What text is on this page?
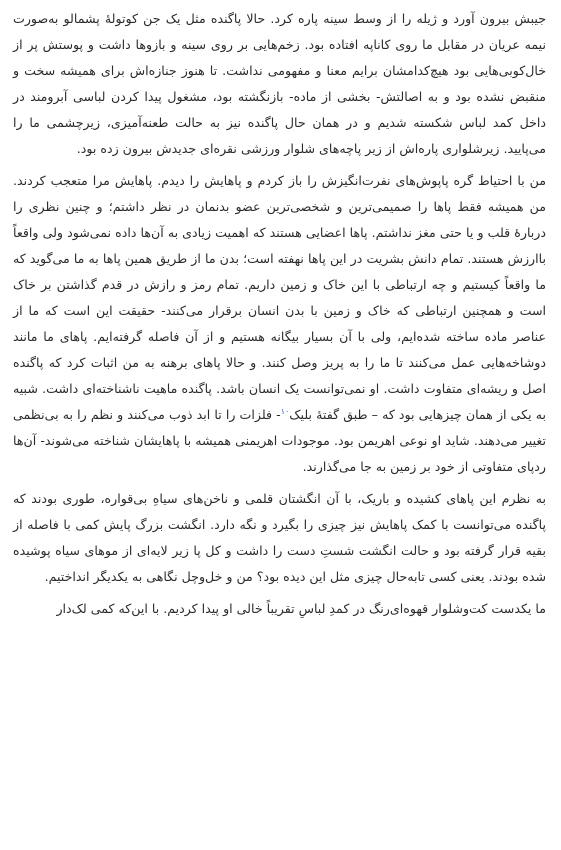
جیبش بیرون آورد و ژیله را از وسط سینه پاره کرد. حالا پاگنده مثل یک جن کوتولهٔ پشمالو به‌صورت نیمه عریان در مقابل ما روی کاناپه افتاده بود. زخم‌هایی بر روی سینه و بازوها داشت و پوستش پر از خال‌کوبی‌هایی بود هیچ‌کدامشان برایم معنا و مفهومی نداشت. تا هنوز جنازه‌اش برای همیشه سخت و منقبض نشده بود و به اصالتش- بخشی از ماده- بازنگشته بود، مشغول پیدا کردن لباسی آبرومند در داخل کمد لباس شکسته شدیم و در همان حال پاگنده نیز به حالت طعنه‌آمیزی، زیرچشمی ما را می‌پایید. زیرشلواری پاره‌اش از زیر پاچه‌های شلوار ورزشی نقره‌ای جدیدش بیرون زده بود.

من با احتیاط گره پاپوش‌های نفرت‌انگیزش را باز کردم و پاهایش را دیدم. پاهایش مرا متعجب کردند. من همیشه فقط پاها را صمیمی‌ترین و شخصی‌ترین عضو بدنمان در نظر داشتم؛ و چنین نظری را دربارهٔ قلب و یا حتی مغز نداشتم. پاها اعضایی هستند که اهمیت زیادی به آن‌ها داده نمی‌شود ولی واقعاً باارزش هستند. تمام دانش بشریت در این پاها نهفته است؛ بدن ما از طریق همین پاها به ما می‌گوید که ما واقعاً کیستیم و چه ارتباطی با این خاک و زمین داریم. تمام رمز و رازش در قدم گذاشتن بر خاک است و همچنین ارتباطی که خاک و زمین با بدن انسان برقرار می‌کنند- حقیقت این است که ما از عناصر ماده ساخته شده‌ایم، ولی با آن بسیار بیگانه هستیم و از آن فاصله گرفته‌ایم. پاهای ما مانند دوشاخه‌هایی عمل می‌کنند تا ما را به پریز وصل کنند. و حالا پاهای برهنه به من اثبات کرد که پاگنده اصل و ریشه‌ای متفاوت داشت. او نمی‌توانست یک انسان باشد. پاگنده ماهیت ناشناخته‌ای داشت. شبیه به یکی از همان چیزهایی بود که – طبق گفتهٔ بلیک$^{۱۰}$- فلزات را تا ابد ذوب می‌کنند و نظم را به بی‌نظمی تغییر می‌دهند. شاید او نوعی اهریمن بود. موجودات اهریمنی همیشه با پاهایشان شناخته می‌شوند- آن‌ها ردپای متفاوتی از خود بر زمین به جا می‌گذارند.

به نظرم این پاهای کشیده و باریک، با آن انگشتان قلمی و ناخن‌های سیاهِ بی‌قواره، طوری بودند که پاگنده می‌توانست با کمک پاهایش نیز چیزی را بگیرد و نگه دارد. انگشت بزرگ پایش کمی با فاصله از بقیه قرار گرفته بود و حالت انگشت شستِ دست را داشت و کل پا زیر لایه‌ای از موهای سیاه پوشیده شده بودند. یعنی کسی تابه‌حال چیزی مثل این دیده بود؟ من و خل‌وچل نگاهی به یکدیگر انداختیم.

ما یکدست کت‌وشلوار قهوه‌ای‌رنگ در کمدِ لباسِ تقریباً خالی او پیدا کردیم. با این‌که کمی لک‌دار
